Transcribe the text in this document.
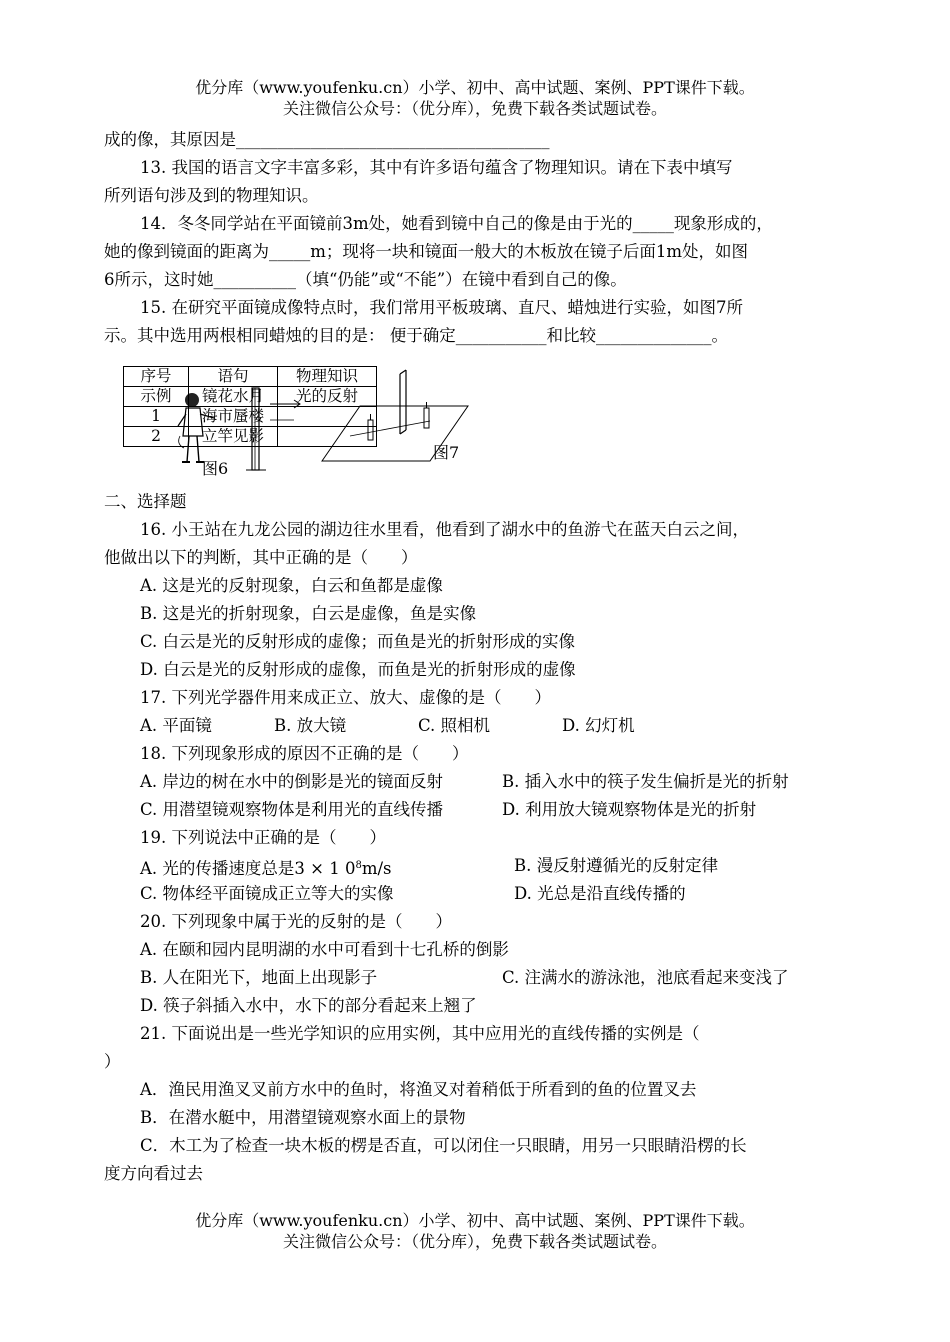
优分库（www.youfenku.cn）小学、初中、高中试题、案例、PPT课件下载。
关注微信公众号：（优分库），免费下载各类试题试卷。
成的像，其原因是______________________________________
13. 我国的语言文字丰富多彩，其中有许多语句蕴含了物理知识。请在下表中填写
所列语句涉及到的物理知识。
14．冬冬同学站在平面镜前3m处，她看到镜中自己的像是由于光的_____现象形成的，
她的像到镜面的距离为_____m；现将一块和镜面一般大的木板放在镜子后面1m处，如图
6所示，这时她__________（填“仍能”或“不能”）在镜中看到自己的像。
15. 在研究平面镜成像特点时，我们常用平板玻璃、直尺、蜡烛进行实验，如图7所
示。其中选用两根相同蜡烛的目的是： 便于确定___________和比较______________。
序号	语句	物理知识
示例	镜花水月	光的反射
1	海市蜃楼	
2	立竿见影	
图6
图7
二、选择题
16. 小王站在九龙公园的湖边往水里看，他看到了湖水中的鱼游弋在蓝天白云之间，
他做出以下的判断，其中正确的是（　　）
A. 这是光的反射现象，白云和鱼都是虚像
B. 这是光的折射现象，白云是虚像，鱼是实像
C. 白云是光的反射形成的虚像；而鱼是光的折射形成的实像
D. 白云是光的反射形成的虚像，而鱼是光的折射形成的虚像
17. 下列光学器件用来成正立、放大、虚像的是（　　）
A. 平面镜	B. 放大镜	C. 照相机	D. 幻灯机
18. 下列现象形成的原因不正确的是（　　）
A. 岸边的树在水中的倒影是光的镜面反射	B. 插入水中的筷子发生偏折是光的折射
C. 用潜望镜观察物体是利用光的直线传播	D. 利用放大镜观察物体是光的折射
19. 下列说法中正确的是（　　）
A. 光的传播速度总是3 × 1 $0^8m/s$	B. 漫反射遵循光的反射定律
C. 物体经平面镜成正立等大的实像	D. 光总是沿直线传播的
20. 下列现象中属于光的反射的是（　　）
A. 在颐和园内昆明湖的水中可看到十七孔桥的倒影
B. 人在阳光下，地面上出现影子	C. 注满水的游泳池，池底看起来变浅了
D. 筷子斜插入水中，水下的部分看起来上翘了
21. 下面说出是一些光学知识的应用实例，其中应用光的直线传播的实例是（
）
A．渔民用渔叉叉前方水中的鱼时，将渔叉对着稍低于所看到的鱼的位置叉去
B．在潜水艇中，用潜望镜观察水面上的景物
C．木工为了检查一块木板的楞是否直，可以闭住一只眼睛，用另一只眼睛沿楞的长
度方向看过去
优分库（www.youfenku.cn）小学、初中、高中试题、案例、PPT课件下载。
关注微信公众号：（优分库），免费下载各类试题试卷。
